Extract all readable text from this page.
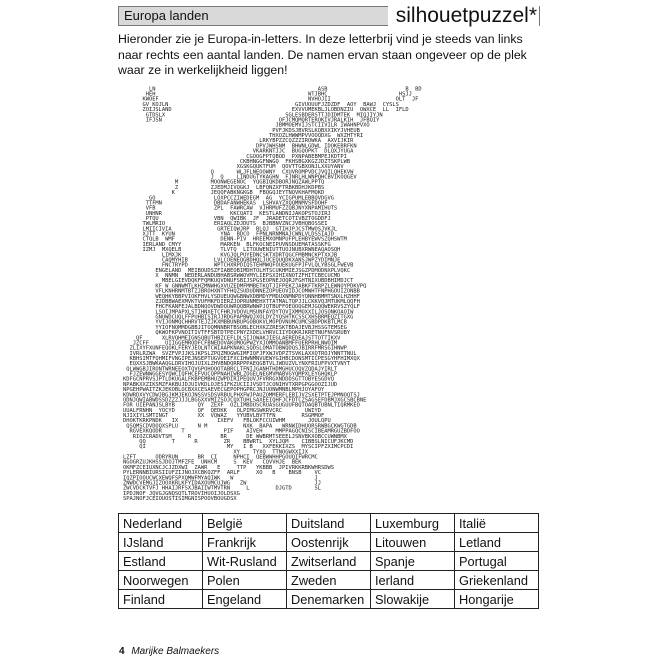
Europa landen	silhouetpuzzel*
Hieronder zie je Europa-in-letters. In deze letterbrij vind je steeds van links naar rechts een aantal landen. De namen ervan staan ongeveer op de plek waar ze in werkelijkheid liggen!
LN                                                  ASB                        B  BD
HEH                                               WTJBHC                      HSJJ
KWOEF                                              NVHOJII                    OLT  JF
GV KOJLN                                       GIVUOUUFJZDZDF  AOY  BAWJ  CYSLS
ZOIJSLAND                                     EXVVUMEKBLJLOBDNZIU  OWXCE  LL  IFLD
GTDSLX                                     SGLESBDERSTTJDIDMTEK  MIQJIYJN
IFJSN                                    OFJCMQMQRTEROKIVJRALKIH  JFBQIY
JBMMOEMVIJSTCIIVILR IWAHNPVXO
PVFJKDSJBVRSLKQBXXIKYJVHEUB
THXOZLHWWMPVVOOQDXG  WXZHTYRI
LRKYBPZZCQZZZIROWKA  AXVIJKIR
DPVJWHSNM  BHWNLGDWL IDOKEBRFKN
VKARKNTJJC  BUGQOPKT  DLQXJYUGA
CGOOGFPTQBOD  PXNPABEBMPEJKDTPI
CKBHNGGFNWGQ  FKHSBGXKGZJDZTSKPLWB
XGSKGQUKTFUM  QOVTTGBXONJLXXUYANV
Q       WLJFLNEOOWNY  CXUVROMPVDCJVQILQHEKVW
J  Q    LINDUGTYKAGHN  FJNRLHLWNPQHCBVIKOQGEV
M          MOONWEGENOC  YQGBIQKDBORJNQZAWLPPTQ
Z          ZJEDMJIVQGKJ  LBFQNZXFTRBKBDHJKDPBS
K           JEQQFABKNGKGB  FBQGQJEYTNQVKHAFMQKD
GO                  LOXPCCZIWEDEGM  AG  YCIGPUMLEBBQVDGVG
TTFMN                DBDAFANWHEKAS  LSHVAYZXQQMNMVSFDOHF
VFB                  ZPL  FAWRCAW  VJHRMUFZZQBJNYXNPAMIHUTS
UNHNR                     KKCQATI  KESTLANDNIJAKOPSTOJIRJ
PTQU                 VBN  QWIBK  JF  JRADETCOTIVBZTOGDDFJ
TWLMRIO               ERIAQLZDJDUTS  BJBBNVZNCJVBHQBOSSEI
LMIICIVIA              GRTEIQWJRP  BLQJ  GTIHJPJCSTMWOSJVKJL
XJTT  KYUN              YNA  BDCO  FPNLNRNMNAJCWNLVLDSSIAJD
CTQLB  WMF              DENN-PIV  HREEMXOMNPUFPLEHBYEWVSZQHSWTM
IERLAND CMYY            MARKEN  BLFKOCNEIPUVNSDUEMATASSKFG
IZMJ  MXQELB            TLVTQ  LITOUWENIUTTUOJNUBXRWNEAQAOSQH
LIMXJK            KVGJQLPUYEDNCSKTXDRTQGCFMBMNCKPTXXJB
CAQMYHIB        LVLCOENEQGBDHQLJUCEQUQDKXANSJWPZYDIMNJE
FNCTRYPD        WPTCHXRPDIQSTEHMWQFOUEKUGFPJFVLQLYBSGLFWEVB
ENGELAND  MEIBOUDSZFIABEOBIMDHTOLHTSCUKHMIEJSGZPDMODNXPLVQKC
X  NNMN  NEDERLANDUBHABSRWWOVMYLIEPSXIHIXNOTZFHITCBECUCMD
MBELGIEVDQKFFQMKUQVDNUFSBIJSPGSEOPNEJOQRJFGHTNIXUBDBHIMDJCT
KF W GNNWMTLKHZMNWHGXVUZEDMFMMBETKQTJIFPEKZJABKFTKRPZLEWNOYPDKVPQ
VFLKNHRNMTBTZJBROHXNTYFHQZSUDUDNNEZOPUEOVIDJCOMWHTFNPHGOUIZONBB
WEQHKYBBPVIOKFHVLYSDUEUQWGBNWXDBMDYFMDUXNMNPDYQNNHBMMTSNXLHZHHF
ZJDBBWAEXMVKTVUFMKFDIERZJOPRUNMEHXTTATMALTQPJJLCKKVQJMTUKMLQQFH
FHCFKANFEJALBDNQOVDWDQUWRQQBRWNWPJQTBUFFOEQOQGEMJGQQWEKRVSZYQLF
LSOIJMPAPXLSTIHNXETCFHRJVDOVLMSUNFAYDYTOVIXMMOXXILJOSONKOAOIW
GNUWDCUQLFFPUHBISIRJJRDGPAPBWQJXOLDYZYQSHTKCSSCXHSBRMEQZITGXG
YVIJONMQCHHRVTEJZJKXMBBUNBUPGOBOKVLMOPDVNUMCUMCSBDPDKBTLMCB
YYIOFNQMMDGBBJITOQMNNBRTBSOBLECHXKZZRESKTBDAJEVBJHSSGTEMSEG
QKWOFKPVNOITIVTFFSBTDTPECPNYZXDELVHRVCIIYDQKRJKRETNUFNVSRUBY
QF      XLRVQHMEIGNSQBUTHBZCEFLDLSIJOWAKJIEGLAEREDEAJSTTOTTIKXV
JZCFF     UIIGGEMRODFCFBNEDOVAKUMOGPWZYXJOMMOANBMFFUERPRHLNWOIM
ZLIXYFXUNFEQOKLFERYJEOLNTCWIAAPKNAKLSQDSLOMATOBWQDQSJBIRRFMRSGIHNWP
IVRLRZWA  SVZFVPJJKSJKPSLZPQZMOGWGIMFIQFJFXWJVDPZTSVKLAXXQTROJYNNTTNUL
KBHSIMTFQHMIFVNGIPEJNSEPTUGVOEIFXCIHWNMNVUEWYGIHBCDONSMTICPESGYHFHIMXQX
EQXXSJBWKAAQGLDRVIHOJUIXLZHVBNDQRRPPPAEQGBTVLJWDUZVLYNXFRIUFPVXTVNYT
QLWWGBJIRONTWRNEEOXTQVGPOHOOOTABRCLTFNIJGANHTHDMGHUCOQVZQDAJYIRLT
FJZEWNWGGESYQWCIQFHCEFVUCQPPNAHIWBLZOGELNEGMVMABVGYQMPXLEYGHQKLP
KDFGCNPRVSJPTLDKUGALFKBPEMBHUZWPDIRIPEQUVJFVRRGXNDDDSGTTOBYESGDVQ
NPABKXXZIKSMZFAKBUJDJUIVKDLOJESIFKZUCIIJVSDTJCONIHVTXRPGPGGOOZIJUD
NPGEHPWAITZKJEKOBLOCBXXCESAEVECGEPOPHGPRCJNJUONWMNBLMPHJOYAFOY
KDWRDXVYCDWJBGJKMJEKOJNSSVSDSVRBULPHXFWJPAUZOMMERFLEBIJVZSXETPTEJPMNOQTSJ
ODNJQWIABWDSSDZZZJJJLBGGXXVMIZSOJCQXTUHLSAXEEIQHFJCFDTCZSAGSEFDBMJXGCSBCBNE
FOR UIEPANJSLBYB       QY  ZEXF  OZLIMBDUSCRUASGUGUUFBQTOAQBTUBNLTIQRMKEO
UUALFRNHN  YOCYD       QF  QEDKK   OLPIMGSWKRVCRC       UWIYD
NJIXIYLSMTINGT         XX  VQWAZ   YYUBVLBVTTFN        RSGMMOF
DHOKTKRKPNDK   IX            IXEFV   FBLOKFCCUIWHM       JOULQPU
QSQMSCDVDOQXSPLU      N M           NXK  BAPA   WRNWIDHUORSRWBGCKWGTGDB
RGVEXKQODR      T            PIF    AIVEH    MMPPAGQCNISCIBEAMRGUZBDFOO
RIOZCRADVTSM     R         BR      DE WWBRMTSEEELJSNVBKXOBCCUWNBMX
QQ        T      R        ZR    BBWRTL  XYLJQM    CIBBSLNICUFJKCMD
QI                         MY   I B   XXFEKKIXZS  MYSCIPFZXIMCPCDI
XY    TYXQ  TTNOGWXXIJX
LZFT      ODRYRUN      BR  CI     NPHCI  QEBWWHHPGOUQIFWRCMC
NGOGRZUJKHSSJDOJTMFZFE  UNHCM     S  KEV   CQVVHJE  BEK
OKMFZCEIUXNCJCJZDXWI  ZAWR   E     TTP   YKBBB  JPIVRKKRBKWHRSDWS
PYLERNNBIURSIIUFZIJNOJXCBKQZFF  ARLF     XO   B    BNSB    VC
IQZPIOOUCWCXEWQFSPXQMWFMYAQIWK   W                         J
ZNWDCVEMGJIZOOXKRLKFYIDAXOUMCUJWG   ZW                     JJ
ZWCVDCKTVFJ HHAIJRFSXJBAIIWTMVTRN     L        DJGTD       SL
IPDJNOF JQVGJGNQSQTLTROVIHUOIJOLDSXG
SPAJNOFJCEIQUQSTISIMGNISPOQVBQUGDSX
Nederland	België	Duitsland	Luxemburg	Italië
IJsland	Frankrijk	Oostenrijk	Litouwen	Letland
Estland	Wit-Rusland	Zwitserland	Spanje	Portugal
Noorwegen	Polen	Zweden	Ierland	Griekenland
Finland	Engeland	Denemarken	Slowakije	Hongarije
4 Marijke Balmaekers
